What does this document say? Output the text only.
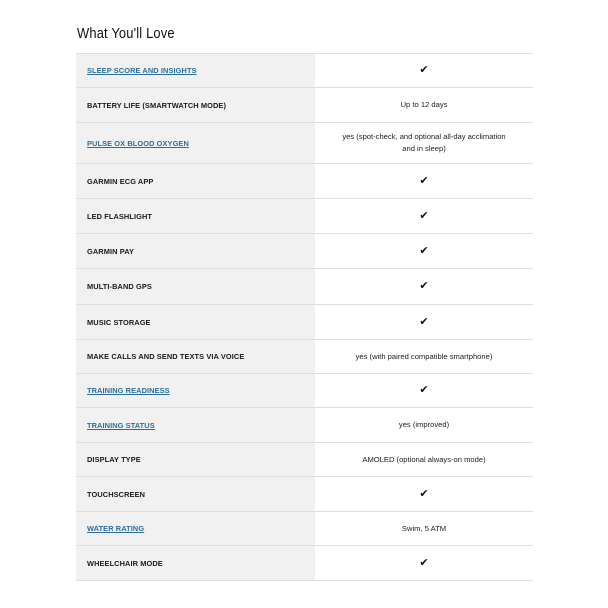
What You'll Love
SLEEP SCORE AND INSIGHTS	✔
BATTERY LIFE (SMARTWATCH MODE)	Up to 12 days
PULSE OX BLOOD OXYGEN	yes (spot-check, and optional all-day acclimation and in sleep)
GARMIN ECG APP	✔
LED FLASHLIGHT	✔
GARMIN PAY	✔
MULTI-BAND GPS	✔
MUSIC STORAGE	✔
MAKE CALLS AND SEND TEXTS VIA VOICE	yes (with paired compatible smartphone)
TRAINING READINESS	✔
TRAINING STATUS	yes (improved)
DISPLAY TYPE	AMOLED (optional always-on mode)
TOUCHSCREEN	✔
WATER RATING	Swim, 5 ATM
WHEELCHAIR MODE	✔
